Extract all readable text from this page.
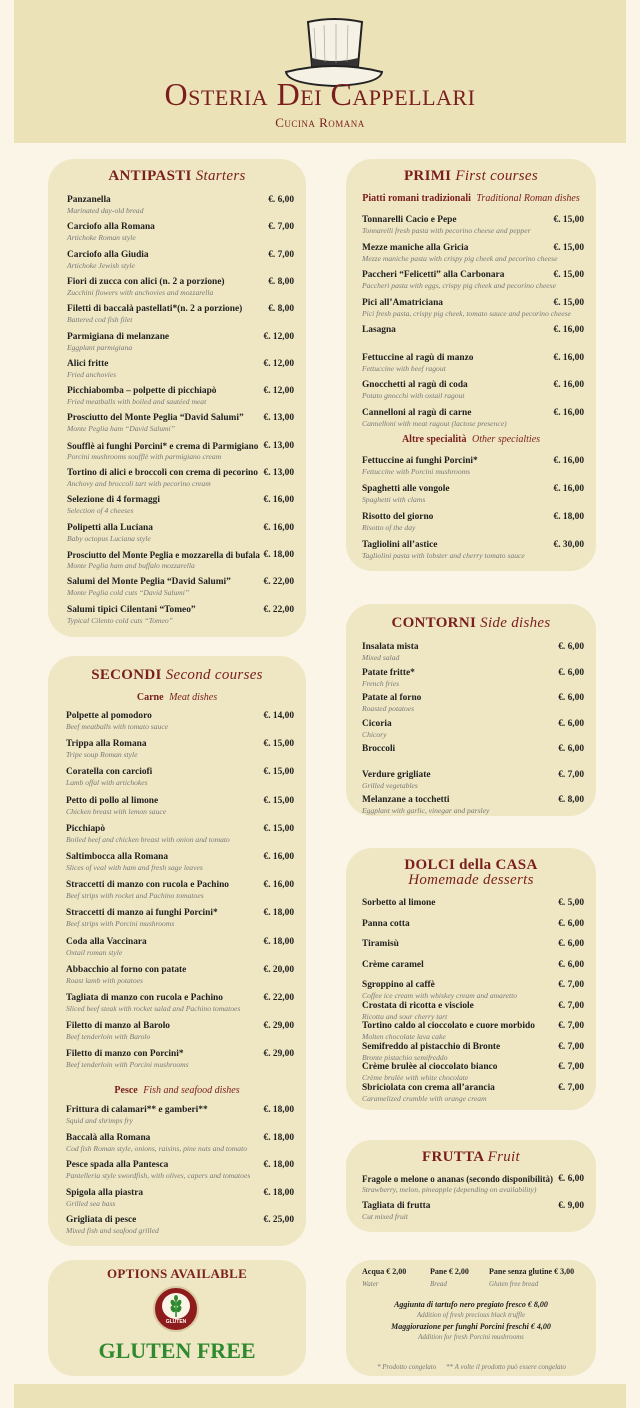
Osteria Dei Cappellari
Cucina Romana
ANTIPASTI Starters
Panzanella	€. 6,00
Marinated day-old bread
Carciofo alla Romana	€. 7,00
Artichoke Roman style
Carciofo alla Giudia	€. 7,00
Artichoke Jewish style
Fiori di zucca con alici (n. 2 a porzione)	€. 8,00
Zucchini flowers with anchovies and mozzarella
Filetti di baccalà pastellati*(n. 2 a porzione)	€. 8,00
Battered cod fish filet
Parmigiana di melanzane	€. 12,00
Eggplant parmigiana
Alici fritte	€. 12,00
Fried anchovies
Picchiabomba – polpette di picchiapò	€. 12,00
Fried meatballs with boiled and sautéed meat
Prosciutto del Monte Peglia “David Salumi” €. 13,00
Monte Peglia ham “David Salumi”
Soufflè ai funghi Porcini* e crema di Parmigiano €. 13,00
Porcini mushrooms soufflè with parmigiano cream
Tortino di alici e broccoli con crema di pecorino €. 13,00
Anchovy and broccoli tart with pecorino cream
Selezione di 4 formaggi	€. 16,00
Selection of 4 cheeses
Polipetti alla Luciana	€. 16,00
Baby octopus Luciana style
Prosciutto del Monte Peglia e mozzarella di bufala €. 18,00
Monte Peglia ham and buffalo mozzarella
Salumi del Monte Peglia “David Salumi”	€. 22,00
Monte Peglia cold cuts “David Salumi”
Salumi tipici Cilentani “Tomeo”	€. 22,00
Typical Cilento cold cuts “Tomeo”
PRIMI First courses
Piatti romani tradizionali Traditional Roman dishes
Tonnarelli Cacio e Pepe	€. 15,00
Tonnarelli fresh pasta with pecorino cheese and pepper
Mezze maniche alla Gricia	€. 15,00
Mezze maniche pasta with crispy pig cheek and pecorino cheese
Paccheri “Felicetti” alla Carbonara	€. 15,00
Paccheri pasta with eggs, crispy pig cheek and pecorino cheese
Pici all’Amatriciana	€. 15,00
Pici fresh pasta, crispy pig cheek, tomato sauce and pecorino cheese
Lasagna	€. 16,00
Fettuccine al ragù di manzo	€. 16,00
Fettuccine with beef ragout
Gnocchetti al ragù di coda	€. 16,00
Potato gnocchi with oxtail ragout
Cannelloni al ragù di carne	€. 16,00
Cannelloni with meat ragout (lactose presence)
Altre specialità Other specialties
Fettuccine ai funghi Porcini*	€. 16,00
Fettuccine with Porcini mushrooms
Spaghetti alle vongole	€. 16,00
Spaghetti with clams
Risotto del giorno	€. 18,00
Risotto of the day
Tagliolini all’astice	€. 30,00
Tagliolini pasta with lobster and cherry tomato sauce
CONTORNI Side dishes
Insalata mista	€. 6,00
Mixed salad
Patate fritte*	€. 6,00
French fries
Patate al forno	€. 6,00
Roasted potatoes
Cicoria	€. 6,00
Chicory
Broccoli	€. 6,00
Verdure grigliate	€. 7,00
Grilled vegetables
Melanzane a tocchetti	€. 8,00
Eggplant with garlic, vinegar and parsley
SECONDI Second courses
Carne Meat dishes
Polpette al pomodoro	€. 14,00
Beef meatballs with tomato sauce
Trippa alla Romana	€. 15,00
Tripe soup Roman style
Coratella con carciofi	€. 15,00
Lamb offal with artichokes
Petto di pollo al limone	€. 15,00
Chicken breast with lemon sauce
Picchiapò	€. 15,00
Boiled beef and chicken breast with onion and tomato
Saltimbocca alla Romana	€. 16,00
Slices of veal with ham and fresh sage leaves
Straccetti di manzo con rucola e Pachino	€. 16,00
Beef strips with rocket and Pachino tomatoes
Straccetti di manzo ai funghi Porcini*	€. 18,00
Beef strips with Porcini mushrooms
Coda alla Vaccinara	€. 18,00
Oxtail roman style
Abbacchio al forno con patate	€. 20,00
Roast lamb with potatoes
Tagliata di manzo con rucola e Pachino	€. 22,00
Sliced beef steak with rocket salad and Pachino tomatoes
Filetto di manzo al Barolo	€. 29,00
Beef tenderloin with Barolo
Filetto di manzo con Porcini*	€. 29,00
Beef tenderloin with Porcini mushrooms
Pesce Fish and seafood dishes
Frittura di calamari** e gamberi**	€. 18,00
Squid and shrimps fry
Baccalà alla Romana	€. 18,00
Cod fish Roman style, onions, raisins, pine nuts and tomato
Pesce spada alla Pantesca	€. 18,00
Pantelleria style swordfish, with olives, capers and tomatoes
Spigola alla piastra	€. 18,00
Grilled sea bass
Grigliata di pesce	€. 25,00
Mixed fish and seafood grilled
DOLCI della CASA
Homemade desserts
Sorbetto al limone	€. 5,00
Panna cotta	€. 6,00
Tiramisù	€. 6,00
Crème caramel	€. 6,00
Sgroppino al caffè	€. 7,00
Coffee ice cream with whiskey cream and amaretto
Crostata di ricotta e visciole	€. 7,00
Ricotta and sour cherry tart
Tortino caldo al cioccolato e cuore morbido €. 7,00
Molten chocolate lava cake
Semifreddo al pistacchio di Bronte	€. 7,00
Bronte pistachio semifreddo
Crème brulèe al cioccolato bianco	€. 7,00
Crème brulèe with white chocolate
Sbriciolata con crema all’arancia	€. 7,00
Caramelized crumble with orange cream
FRUTTA Fruit
Fragole o melone o ananas (secondo disponibilità) €. 6,00
Strawberry, melon, pineapple (depending on availability)
Tagliata di frutta	€. 9,00
Cut mixed fruit
OPTIONS AVAILABLE
GLUTEN
GLUTEN FREE
Acqua € 2,00
Water
Pane € 2,00
Bread
Pane senza glutine € 3,00
Gluten free bread
Aggiunta di tartufo nero pregiato fresco € 8,00
Addition of fresh precious black truffle
Maggiorazione per funghi Porcini freschi € 4,00
Addition for fresh Porcini mushrooms
* Prodotto congelato ** A volte il prodotto può essere congelato
